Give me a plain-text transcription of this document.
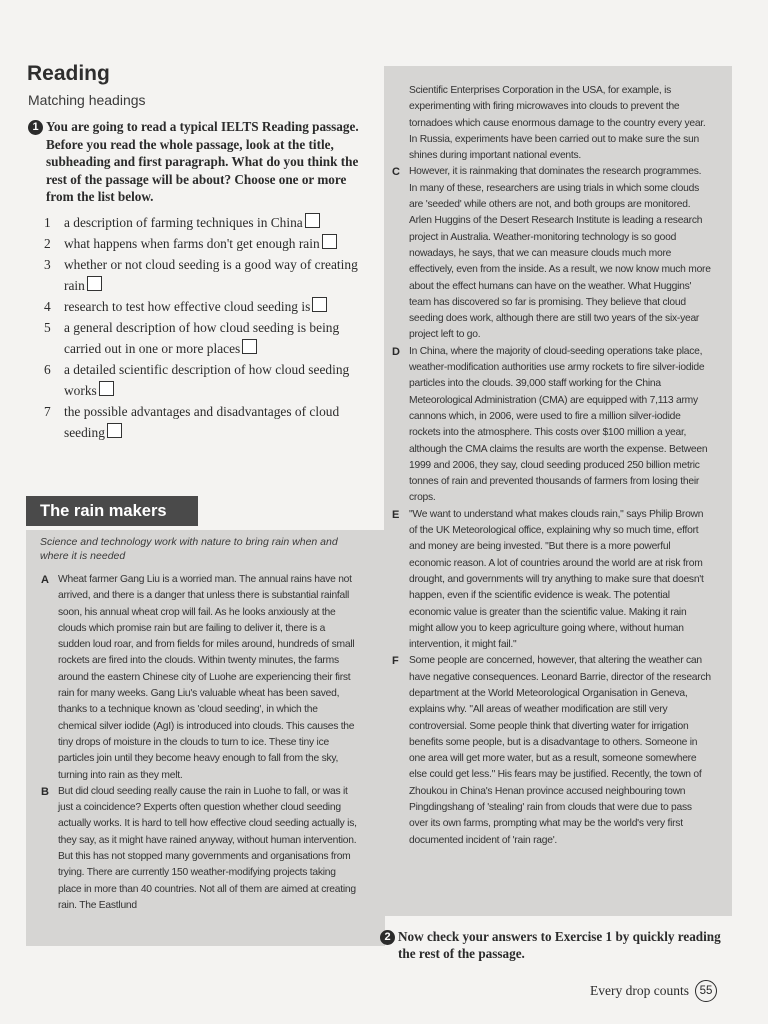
Reading
Matching headings
1 You are going to read a typical IELTS Reading passage. Before you read the whole passage, look at the title, subheading and first paragraph. What do you think the rest of the passage will be about? Choose one or more from the list below.
1 a description of farming techniques in China
2 what happens when farms don't get enough rain
3 whether or not cloud seeding is a good way of creating rain
4 research to test how effective cloud seeding is
5 a general description of how cloud seeding is being carried out in one or more places
6 a detailed scientific description of how cloud seeding works
7 the possible advantages and disadvantages of cloud seeding
The rain makers
Science and technology work with nature to bring rain when and where it is needed
A Wheat farmer Gang Liu is a worried man. The annual rains have not arrived, and there is a danger that unless there is substantial rainfall soon, his annual wheat crop will fail. As he looks anxiously at the clouds which promise rain but are failing to deliver it, there is a sudden loud roar, and from fields for miles around, hundreds of small rockets are fired into the clouds. Within twenty minutes, the farms around the eastern Chinese city of Luohe are experiencing their first rain for many weeks. Gang Liu's valuable wheat has been saved, thanks to a technique known as 'cloud seeding', in which the chemical silver iodide (AgI) is introduced into clouds. This causes the tiny drops of moisture in the clouds to turn to ice. These tiny ice particles join until they become heavy enough to fall from the sky, turning into rain as they melt.
B But did cloud seeding really cause the rain in Luohe to fall, or was it just a coincidence? Experts often question whether cloud seeding actually works. It is hard to tell how effective cloud seeding actually is, they say, as it might have rained anyway, without human intervention. But this has not stopped many governments and organisations from trying. There are currently 150 weather-modifying projects taking place in more than 40 countries. Not all of them are aimed at creating rain. The Eastlund
Scientific Enterprises Corporation in the USA, for example, is experimenting with firing microwaves into clouds to prevent the tornadoes which cause enormous damage to the country every year. In Russia, experiments have been carried out to make sure the sun shines during important national events.
C However, it is rainmaking that dominates the research programmes. In many of these, researchers are using trials in which some clouds are 'seeded' while others are not, and both groups are monitored. Arlen Huggins of the Desert Research Institute is leading a research project in Australia. Weather-monitoring technology is so good nowadays, he says, that we can measure clouds much more effectively, even from the inside. As a result, we now know much more about the effect humans can have on the weather. What Huggins' team has discovered so far is promising. They believe that cloud seeding does work, although there are still two years of the six-year project left to go.
D In China, where the majority of cloud-seeding operations take place, weather-modification authorities use army rockets to fire silver-iodide particles into the clouds. 39,000 staff working for the China Meteorological Administration (CMA) are equipped with 7,113 army cannons which, in 2006, were used to fire a million silver-iodide rockets into the atmosphere. This costs over $100 million a year, although the CMA claims the results are worth the expense. Between 1999 and 2006, they say, cloud seeding produced 250 billion metric tonnes of rain and prevented thousands of farmers from losing their crops.
E "We want to understand what makes clouds rain," says Philip Brown of the UK Meteorological office, explaining why so much time, effort and money are being invested. "But there is a more powerful economic reason. A lot of countries around the world are at risk from drought, and governments will try anything to make sure that doesn't happen, even if the scientific evidence is weak. The potential economic value is greater than the scientific value. Making it rain might allow you to keep agriculture going where, without human intervention, it might fail."
F Some people are concerned, however, that altering the weather can have negative consequences. Leonard Barrie, director of the research department at the World Meteorological Organisation in Geneva, explains why. "All areas of weather modification are still very controversial. Some people think that diverting water for irrigation benefits some people, but is a disadvantage to others. Someone in one area will get more water, but as a result, someone somewhere else could get less." His fears may be justified. Recently, the town of Zhoukou in China's Henan province accused neighbouring town Pingdingshang of 'stealing' rain from clouds that were due to pass over its own farms, prompting what may be the world's very first documented incident of 'rain rage'.
2 Now check your answers to Exercise 1 by quickly reading the rest of the passage.
Every drop counts 55
